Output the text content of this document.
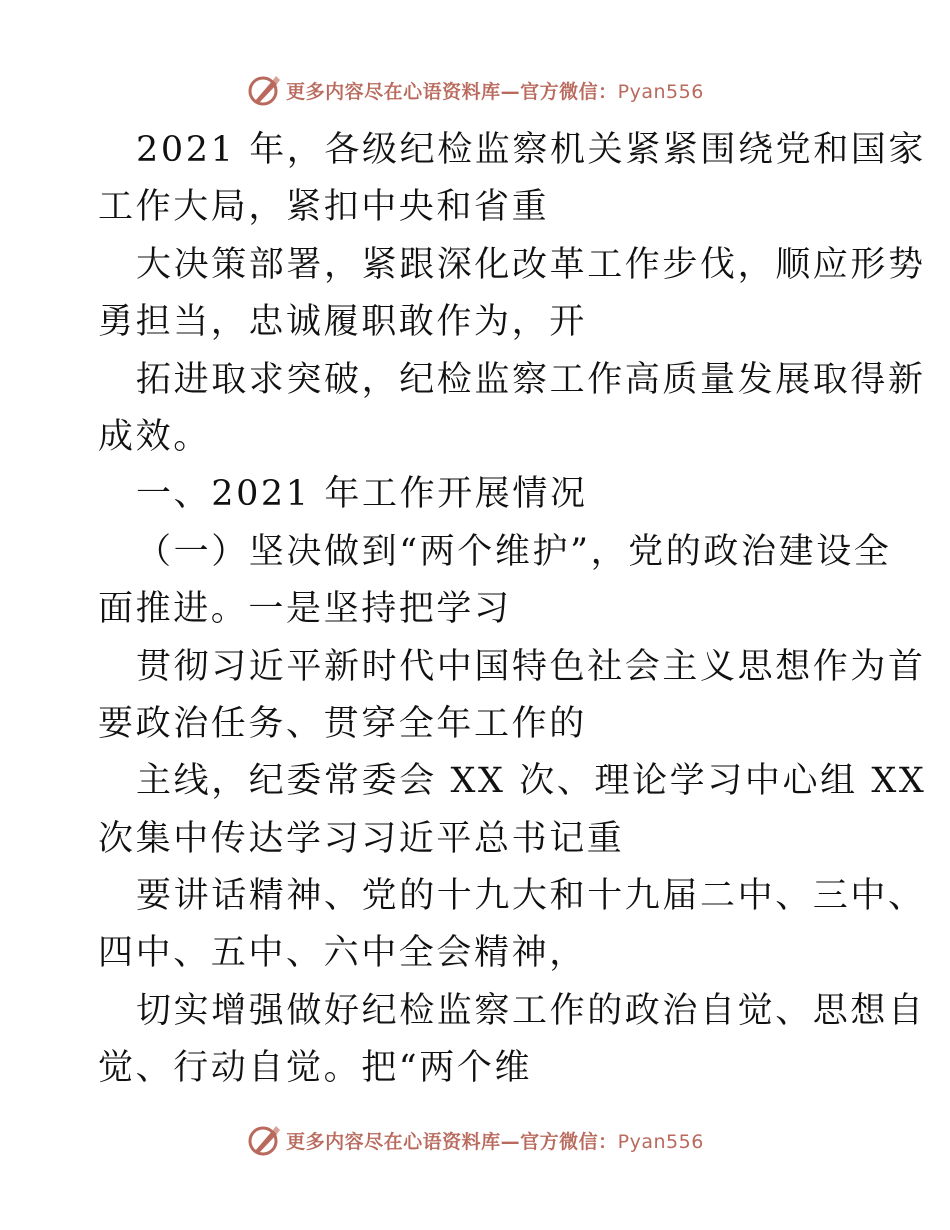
更多内容尽在心语资料库—官方微信：Pyan556
2021 年，各级纪检监察机关紧紧围绕党和国家
工作大局，紧扣中央和省重
大决策部署，紧跟深化改革工作步伐，顺应形势
勇担当，忠诚履职敢作为，开
拓进取求突破，纪检监察工作高质量发展取得新
成效。
一、2021 年工作开展情况
（一）坚决做到“两个维护”，党的政治建设全
面推进。一是坚持把学习
贯彻习近平新时代中国特色社会主义思想作为首
要政治任务、贯穿全年工作的
主线，纪委常委会 XX 次、理论学习中心组 XX
次集中传达学习习近平总书记重
要讲话精神、党的十九大和十九届二中、三中、
四中、五中、六中全会精神，
切实增强做好纪检监察工作的政治自觉、思想自
觉、行动自觉。把“两个维
更多内容尽在心语资料库—官方微信：Pyan556
